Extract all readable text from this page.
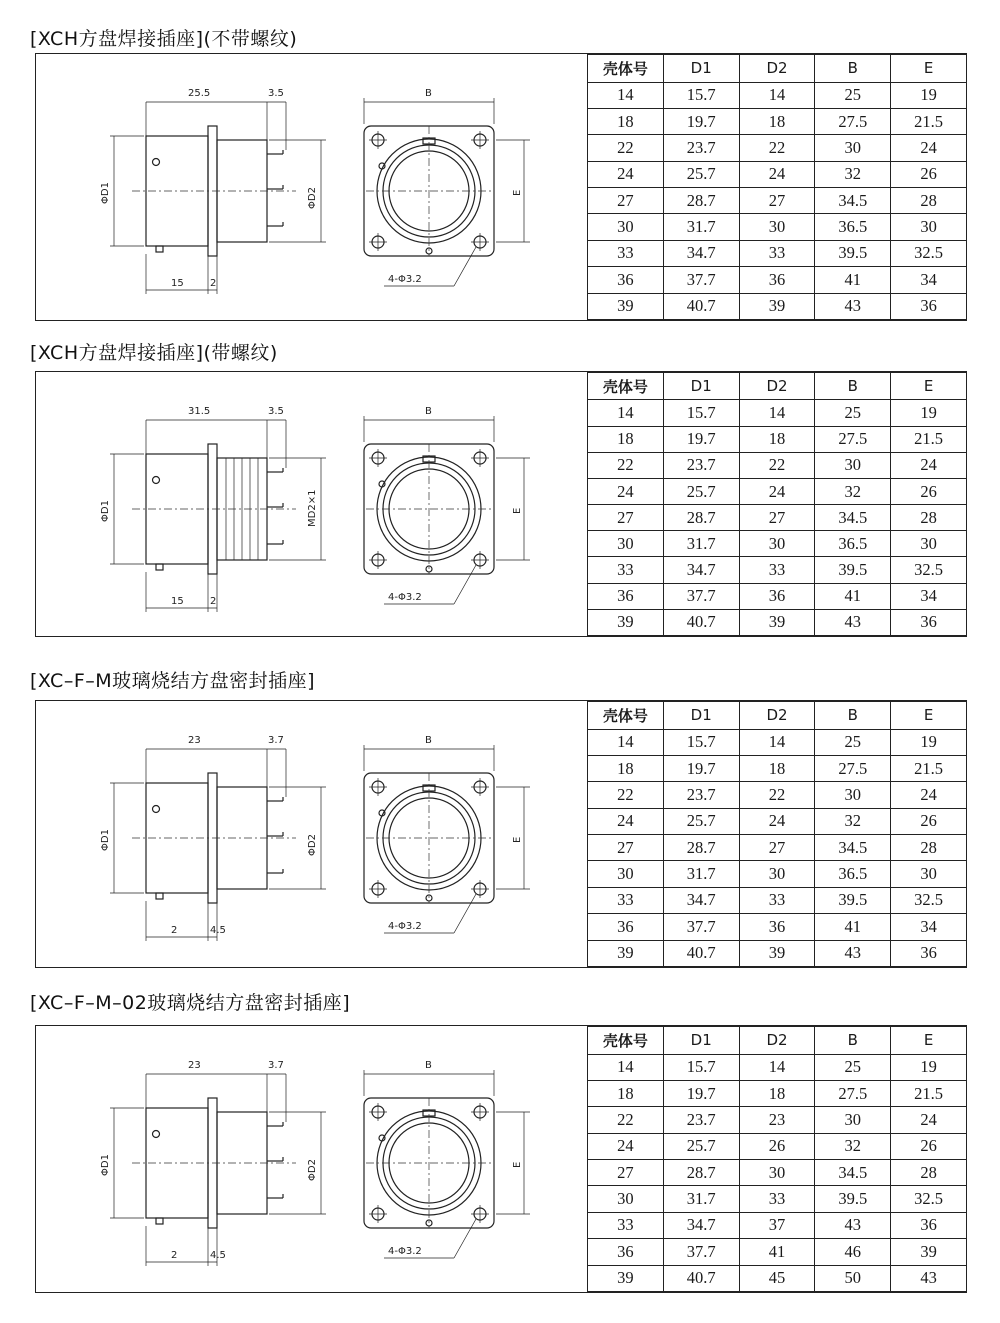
[XCH方盘焊接插座](不带螺纹)
25.5	3.5
15	2
ΦD1	ΦD2
B
E
4-Φ3.2
壳体号	D1	D2	B	E
14	15.7	14	25	19
18	19.7	18	27.5	21.5
22	23.7	22	30	24
24	25.7	24	32	26
27	28.7	27	34.5	28
30	31.7	30	36.5	30
33	34.7	33	39.5	32.5
36	37.7	36	41	34
39	40.7	39	43	36
[XCH方盘焊接插座](带螺纹)
31.5	3.5
15	2
ΦD1	MD2×1
B
E
4-Φ3.2
壳体号	D1	D2	B	E
14	15.7	14	25	19
18	19.7	18	27.5	21.5
22	23.7	22	30	24
24	25.7	24	32	26
27	28.7	27	34.5	28
30	31.7	30	36.5	30
33	34.7	33	39.5	32.5
36	37.7	36	41	34
39	40.7	39	43	36
[XC–F–M玻璃烧结方盘密封插座]
23	3.7
2	4.5
ΦD1	ΦD2
B
E
4-Φ3.2
壳体号	D1	D2	B	E
14	15.7	14	25	19
18	19.7	18	27.5	21.5
22	23.7	22	30	24
24	25.7	24	32	26
27	28.7	27	34.5	28
30	31.7	30	36.5	30
33	34.7	33	39.5	32.5
36	37.7	36	41	34
39	40.7	39	43	36
[XC–F–M–02玻璃烧结方盘密封插座]
23	3.7
2	4.5
ΦD1	ΦD2
B
E
4-Φ3.2
壳体号	D1	D2	B	E
14	15.7	14	25	19
18	19.7	18	27.5	21.5
22	23.7	23	30	24
24	25.7	26	32	26
27	28.7	30	34.5	28
30	31.7	33	39.5	32.5
33	34.7	37	43	36
36	37.7	41	46	39
39	40.7	45	50	43
